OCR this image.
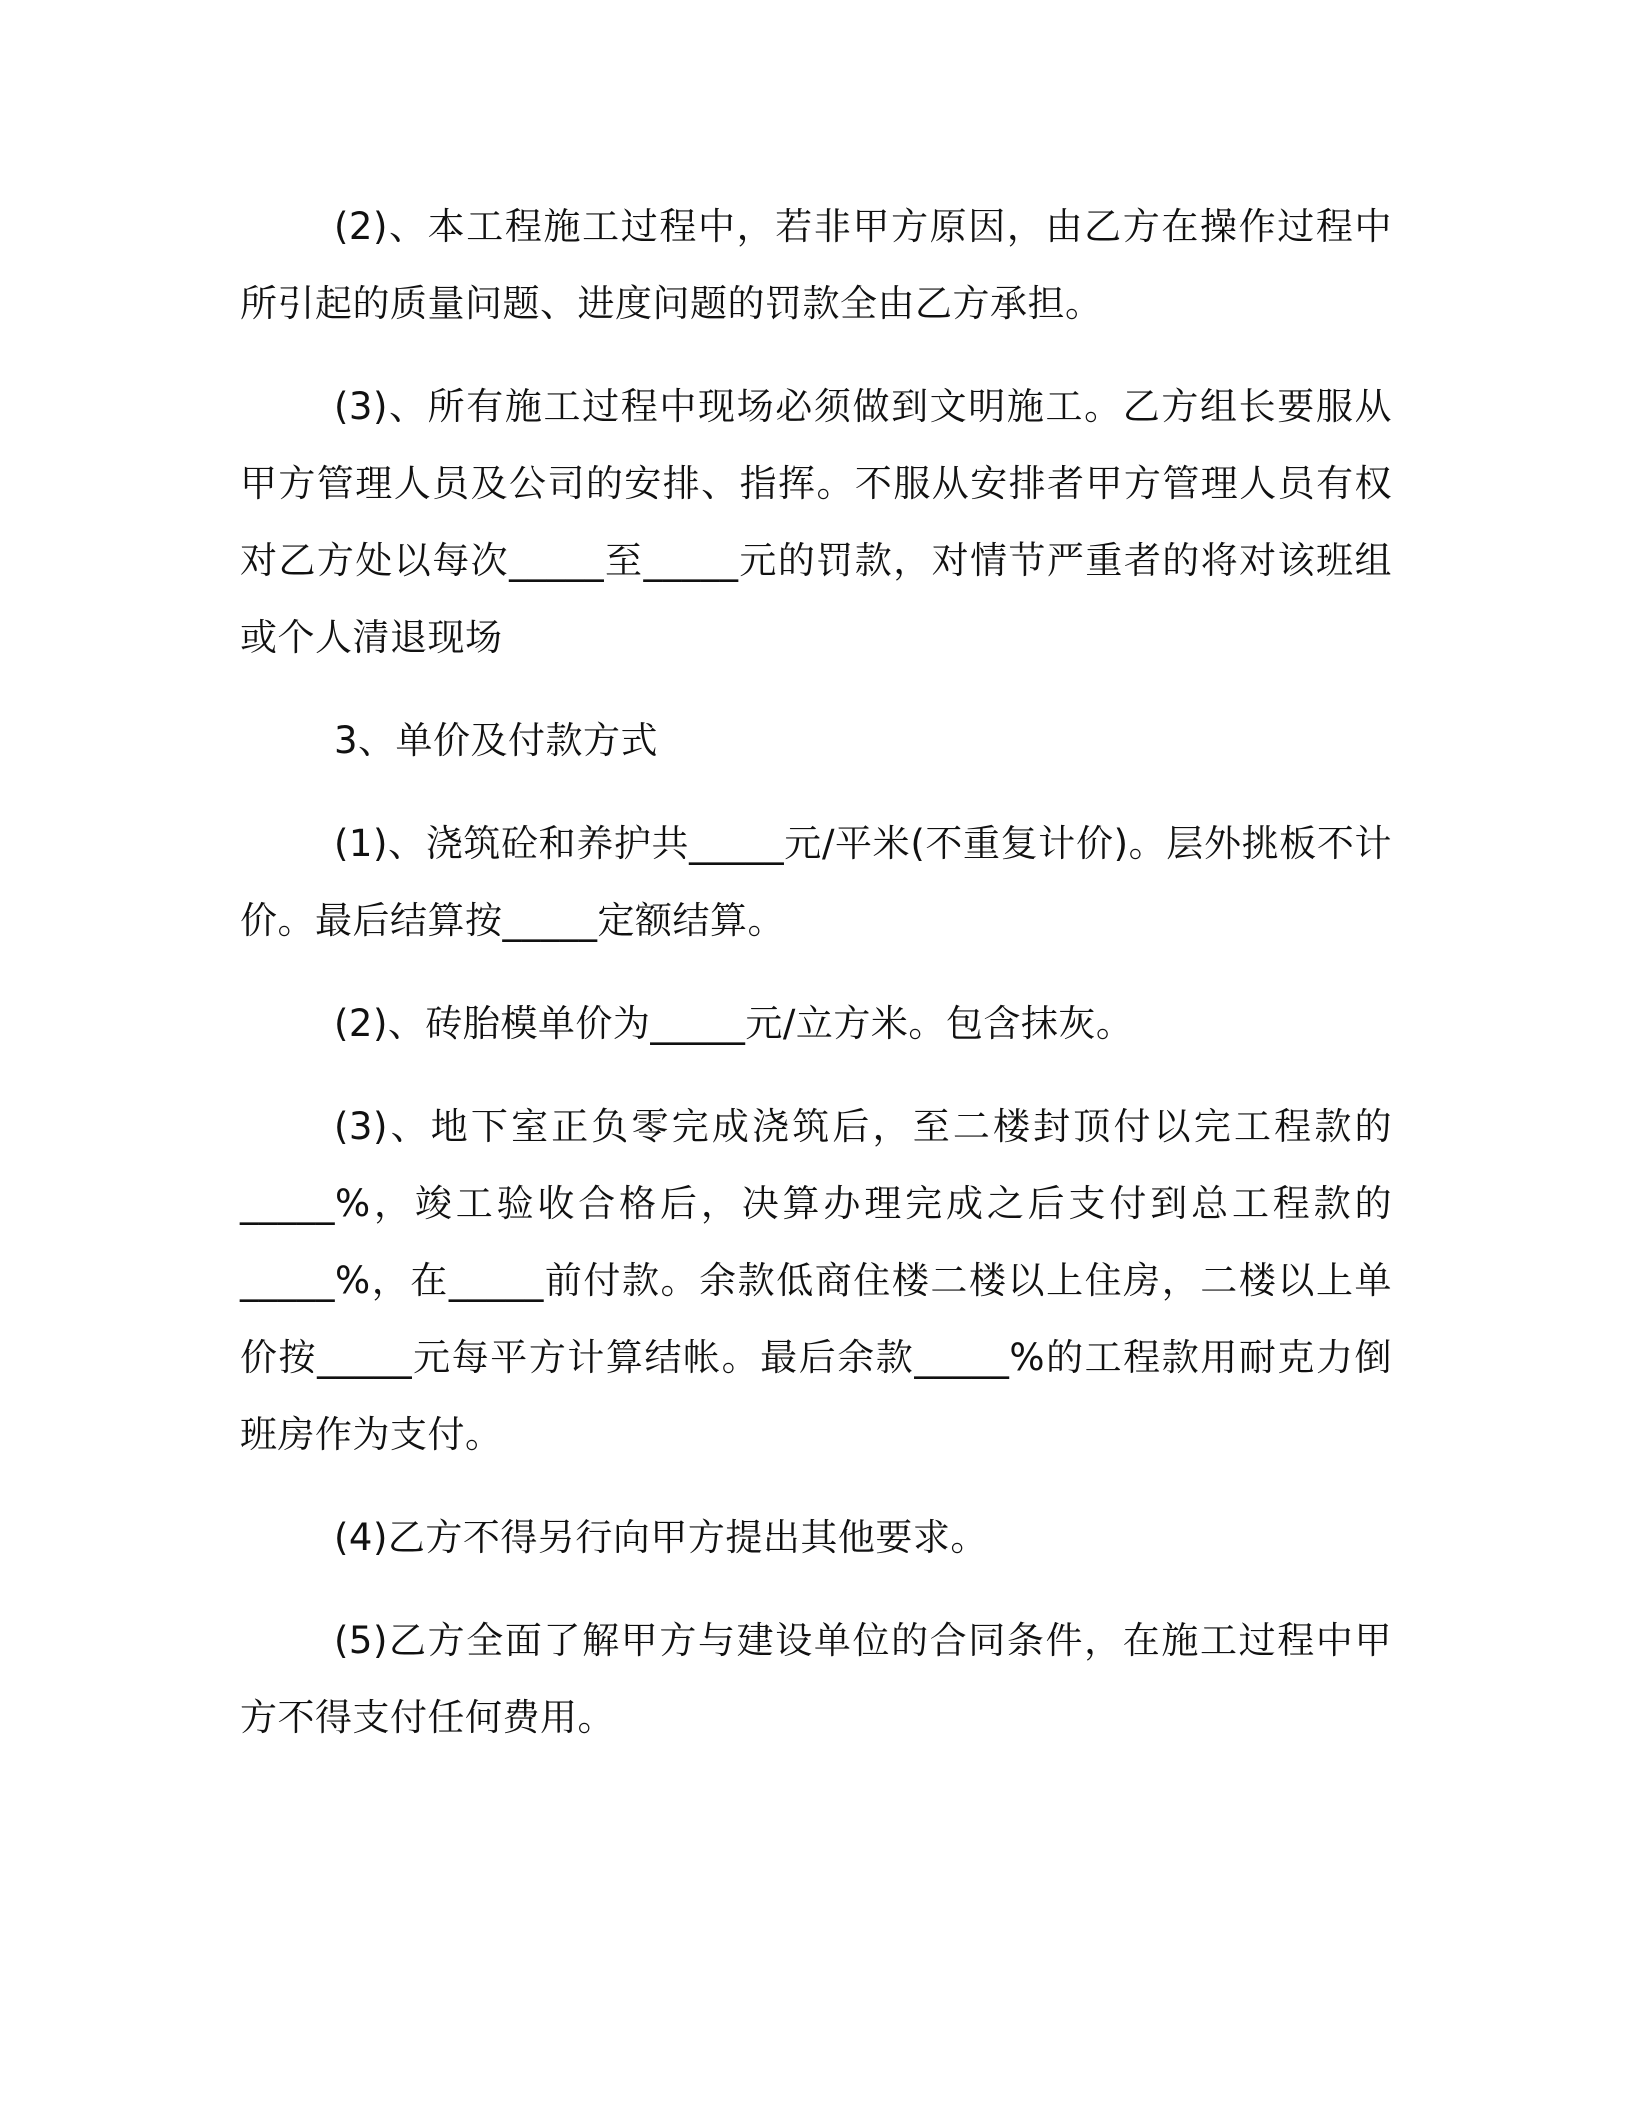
(2)、本工程施工过程中，若非甲方原因，由乙方在操作过程中所引起的质量问题、进度问题的罚款全由乙方承担。

(3)、所有施工过程中现场必须做到文明施工。乙方组长要服从甲方管理人员及公司的安排、指挥。不服从安排者甲方管理人员有权对乙方处以每次_____至_____元的罚款，对情节严重者的将对该班组或个人清退现场

3、单价及付款方式

(1)、浇筑砼和养护共_____元/平米(不重复计价)。层外挑板不计价。最后结算按_____定额结算。

(2)、砖胎模单价为_____元/立方米。包含抹灰。

(3)、地下室正负零完成浇筑后，至二楼封顶付以完工程款的_____%，竣工验收合格后，决算办理完成之后支付到总工程款的_____%，在_____前付款。余款低商住楼二楼以上住房，二楼以上单价按_____元每平方计算结帐。最后余款_____%的工程款用耐克力倒班房作为支付。

(4)乙方不得另行向甲方提出其他要求。

(5)乙方全面了解甲方与建设单位的合同条件，在施工过程中甲方不得支付任何费用。
